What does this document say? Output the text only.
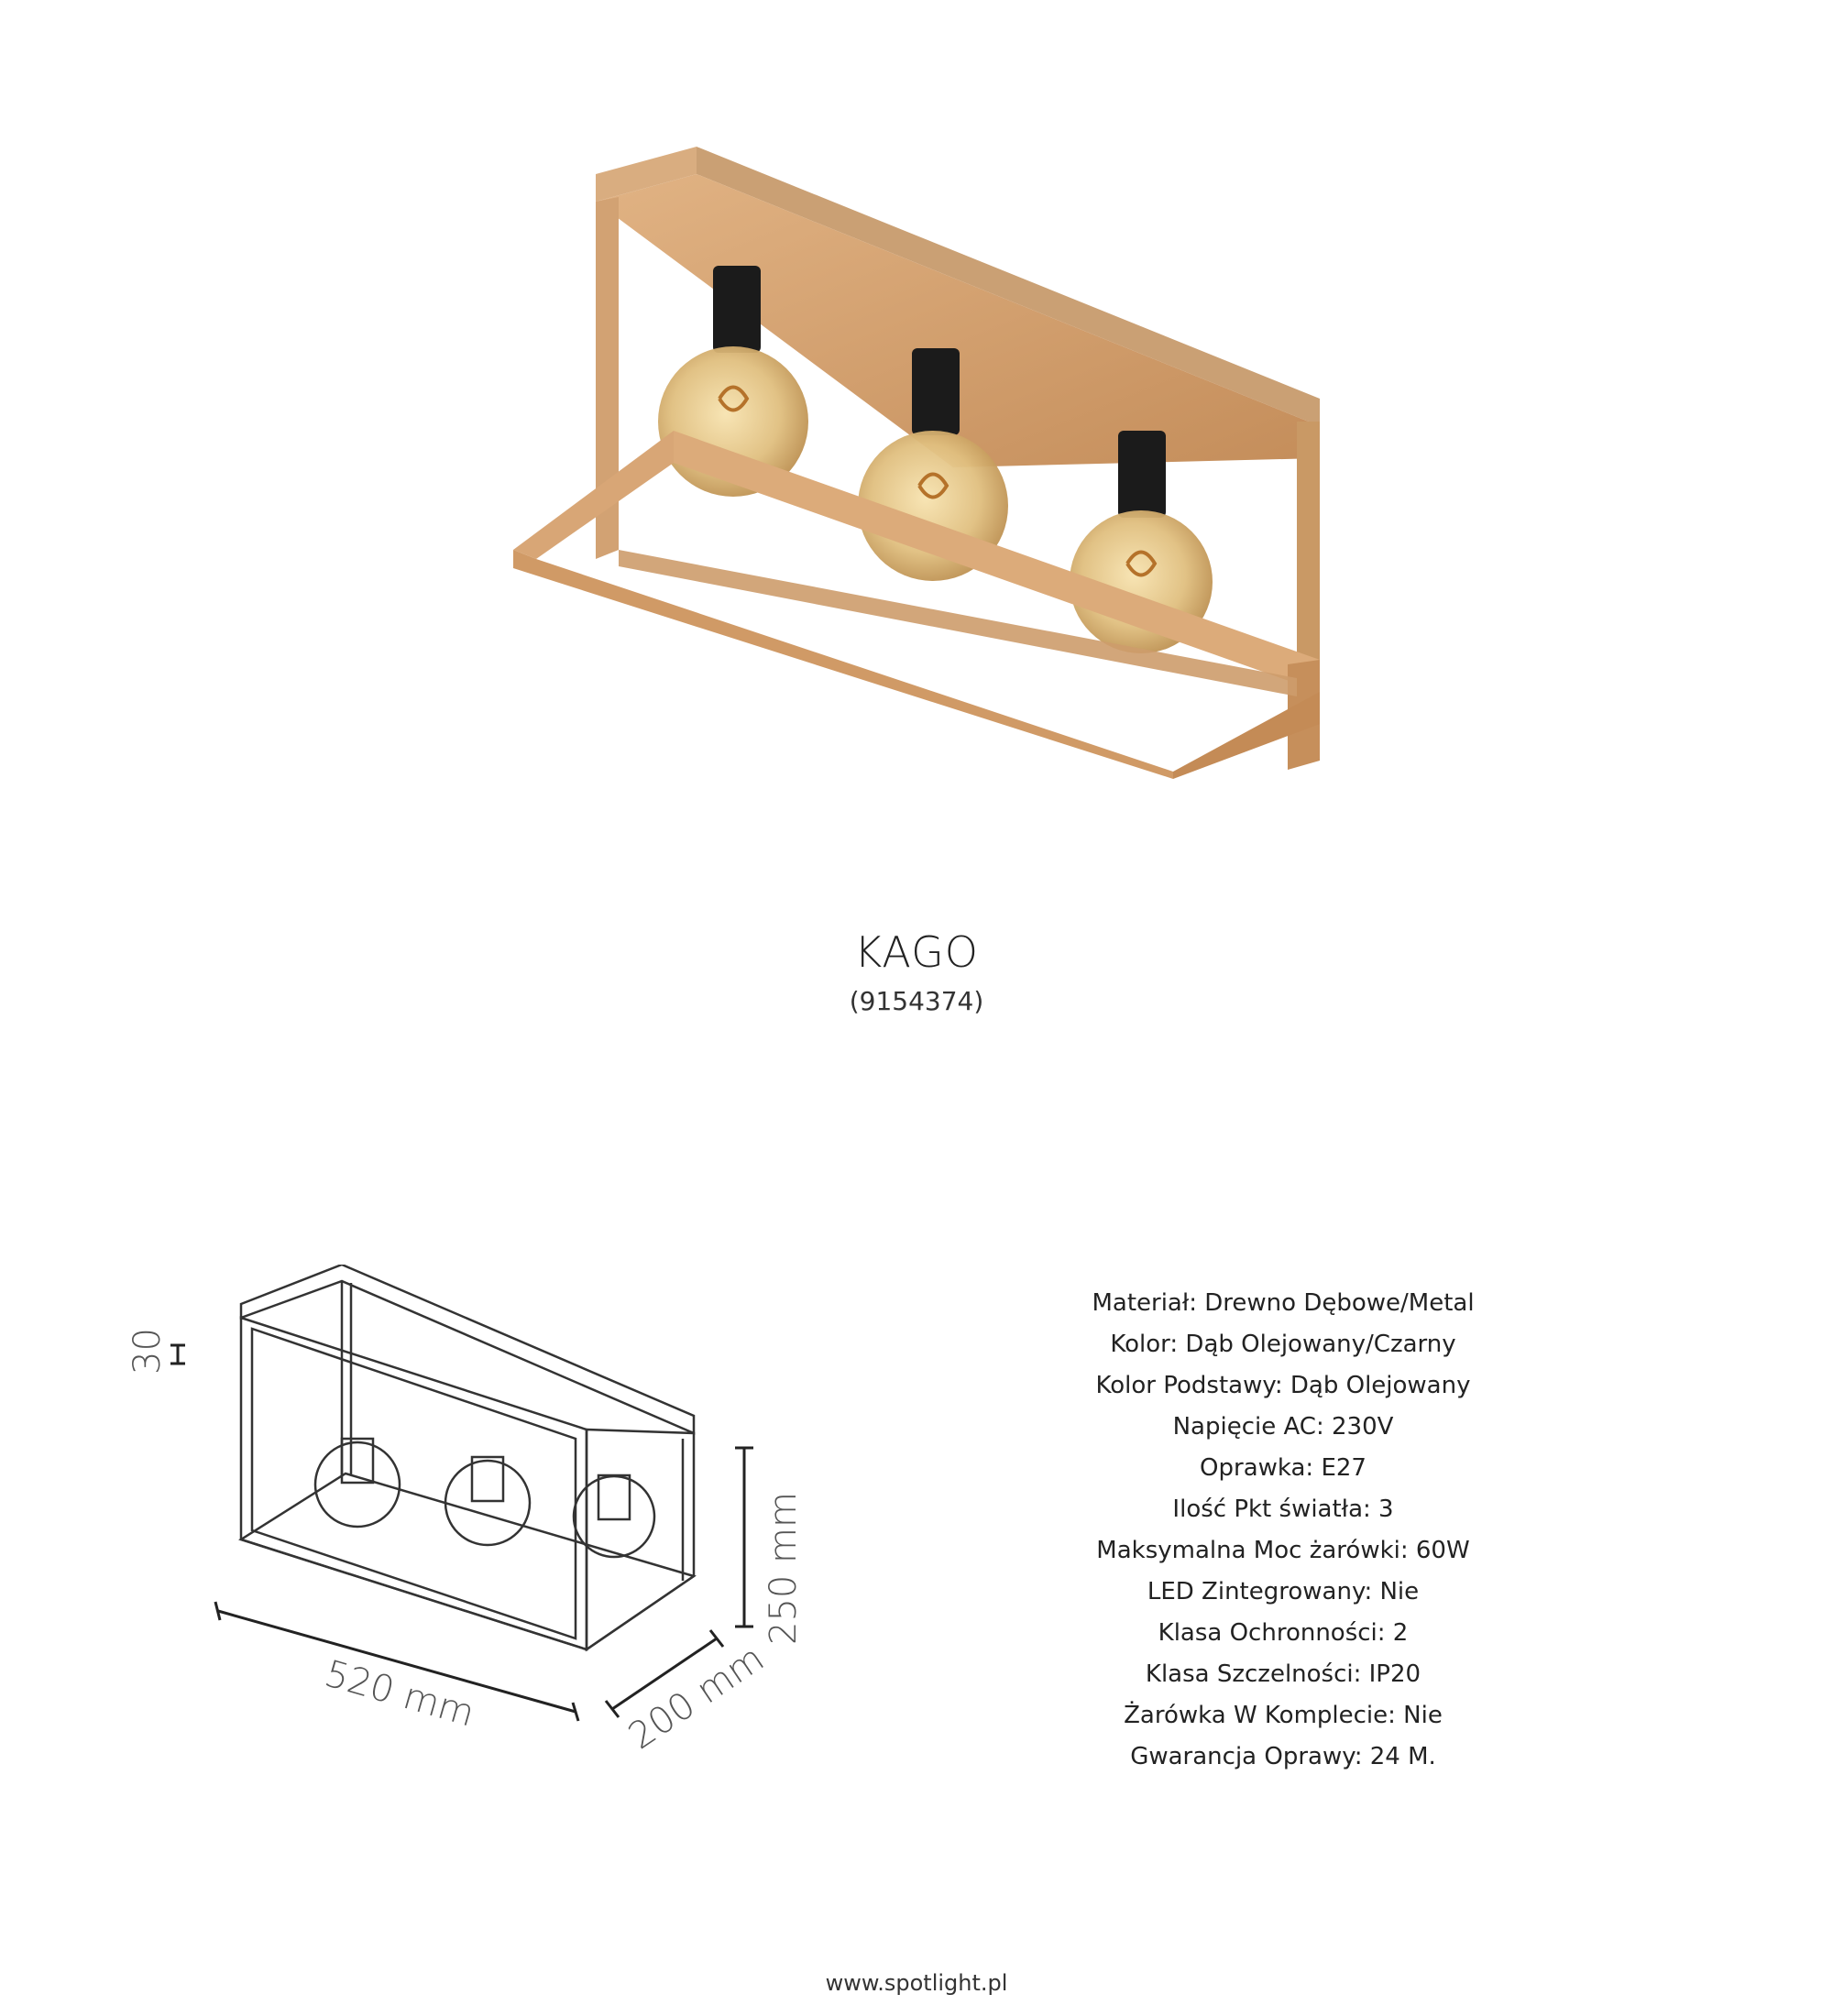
KAGO
(9154374)
30
250 mm
520 mm	200 mm
Materiał: Drewno Dębowe/Metal
Kolor: Dąb Olejowany/Czarny
Kolor Podstawy: Dąb Olejowany
Napięcie AC: 230V
Oprawka: E27
Ilość Pkt światła: 3
Maksymalna Moc żarówki: 60W
LED Zintegrowany: Nie
Klasa Ochronności: 2
Klasa Szczelności: IP20
Żarówka W Komplecie: Nie
Gwarancja Oprawy: 24 M.
www.spotlight.pl
